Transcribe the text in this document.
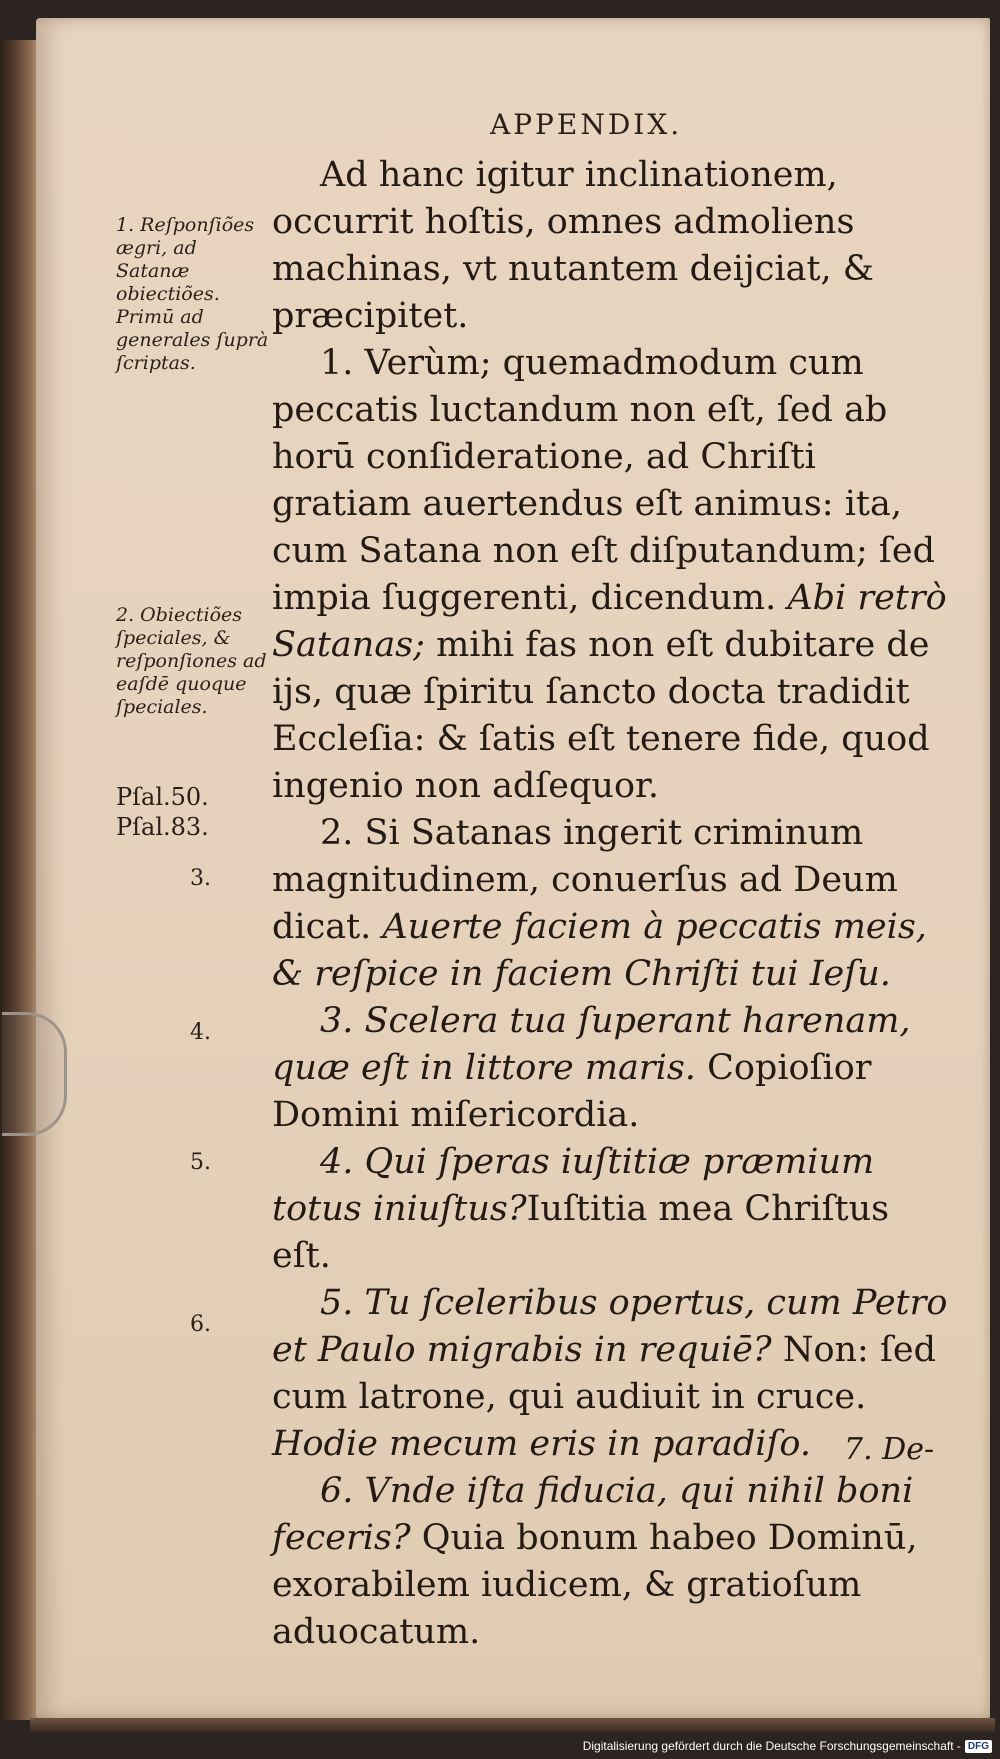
APPENDIX.
1. Reſponſiões ægri, ad Satanæ obiectiões. Primū ad generales ſuprà ſcriptas.
2. Obiectiões ſpeciales, & reſponſiones ad eaſdē quoque ſpeciales.
Pſal.50.
Pſal.83.
3.
4.
5.
6.

Ad hanc igitur inclinationem, occurrit hoſtis, omnes admoliens machinas, vt nutantem deijciat, & præcipitet.

1. Verùm; quemadmodum cum peccatis luctandum non eſt, ſed ab horū conſideratione, ad Chriſti gratiam auertendus eſt animus: ita, cum Satana non eſt diſputandum; ſed impia ſuggerenti, dicendum. Abi retrò Satanas; mihi fas non eſt dubitare de ijs, quæ ſpiritu ſancto docta tradidit Eccleſia: & ſatis eſt tenere fide, quod ingenio non adſequor.

2. Si Satanas ingerit criminum magnitudinem, conuerſus ad Deum dicat. Auerte faciem à peccatis meis, & reſpice in faciem Chriſti tui Ieſu.

3. Scelera tua ſuperant harenam, quæ eſt in littore maris. Copioſior Domini miſericordia.

4. Qui ſperas iuſtitiæ præmium totus iniuſtus?Iuſtitia mea Chriſtus eſt.

5. Tu ſceleribus opertus, cum Petro et Paulo migrabis in requiē? Non: ſed cum latrone, qui audiuit in cruce. Hodie mecum eris in paradiſo.

6. Vnde iſta fiducia, qui nihil boni feceris? Quia bonum habeo Dominū, exorabilem iudicem, & gratioſum aduocatum.

7. De-
Digitalisierung gefördert durch die Deutsche Forschungsgemeinschaft - DFG
